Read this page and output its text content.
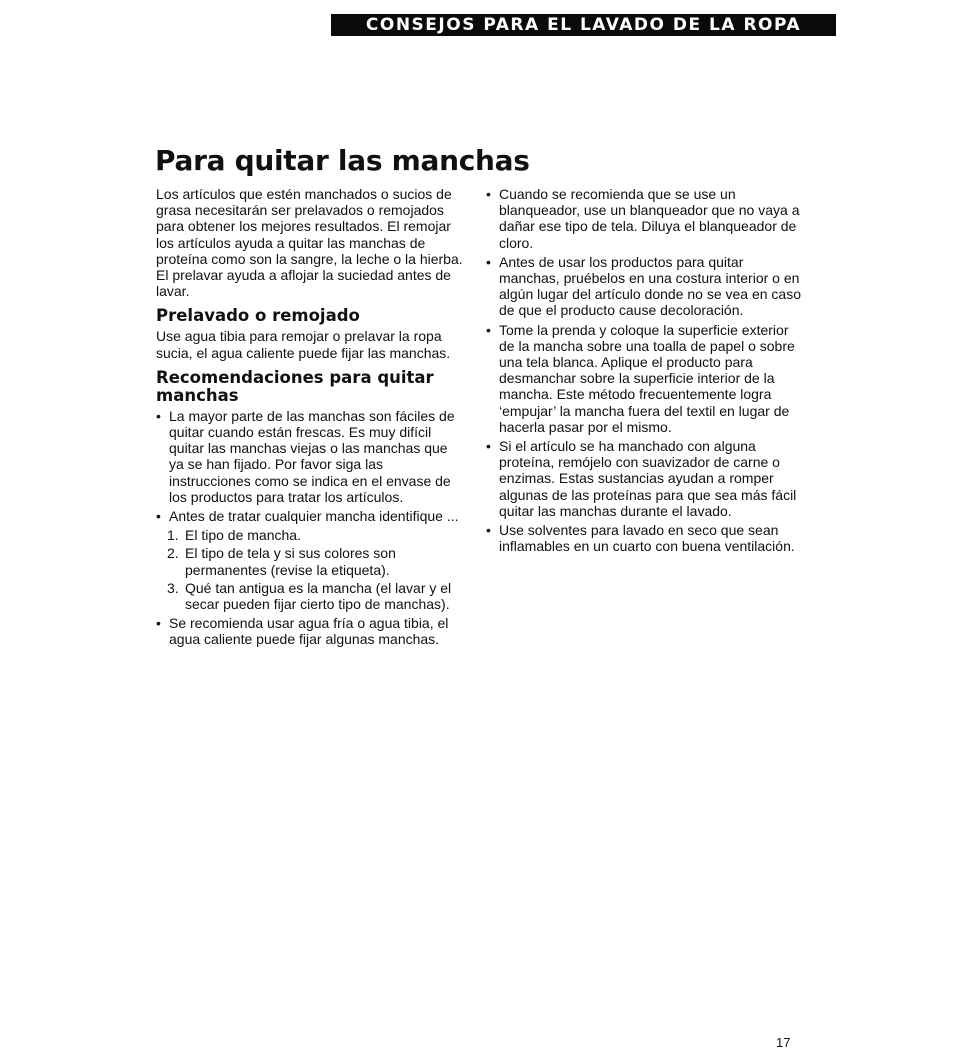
CONSEJOS PARA EL LAVADO DE LA ROPA
Para quitar las manchas

Los artículos que estén manchados o sucios de grasa necesitarán ser prelavados o remojados para obtener los mejores resultados. El remojar los artículos ayuda a quitar las manchas de proteína como son la sangre, la leche o la hierba. El prelavar ayuda a aflojar la suciedad antes de lavar.

Prelavado o remojado

Use agua tibia para remojar o prelavar la ropa sucia, el agua caliente puede fijar las manchas.

Recomendaciones para quitar manchas
• La mayor parte de las manchas son fáciles de quitar cuando están frescas. Es muy difícil quitar las manchas viejas o las manchas que ya se han fijado. Por favor siga las instrucciones como se indica en el envase de los productos para tratar los artículos.
• Antes de tratar cualquier mancha identifique ...
1. El tipo de mancha.
2. El tipo de tela y si sus colores son permanentes (revise la etiqueta).
3. Qué tan antigua es la mancha (el lavar y el secar pueden fijar cierto tipo de manchas).
• Se recomienda usar agua fría o agua tibia, el agua caliente puede fijar algunas manchas.
• Cuando se recomienda que se use un blanqueador, use un blanqueador que no vaya a dañar ese tipo de tela. Diluya el blanqueador de cloro.
• Antes de usar los productos para quitar manchas, pruébelos en una costura interior o en algún lugar del artículo donde no se vea en caso de que el producto cause decoloración.
• Tome la prenda y coloque la superficie exterior de la mancha sobre una toalla de papel o sobre una tela blanca. Aplique el producto para desmanchar sobre la superficie interior de la mancha. Este método frecuentemente logra ‘empujar’ la mancha fuera del textil en lugar de hacerla pasar por el mismo.
• Si el artículo se ha manchado con alguna proteína, remójelo con suavizador de carne o enzimas. Estas sustancias ayudan a romper algunas de las proteínas para que sea más fácil quitar las manchas durante el lavado.
• Use solventes para lavado en seco que sean inflamables en un cuarto con buena ventilación.
17
